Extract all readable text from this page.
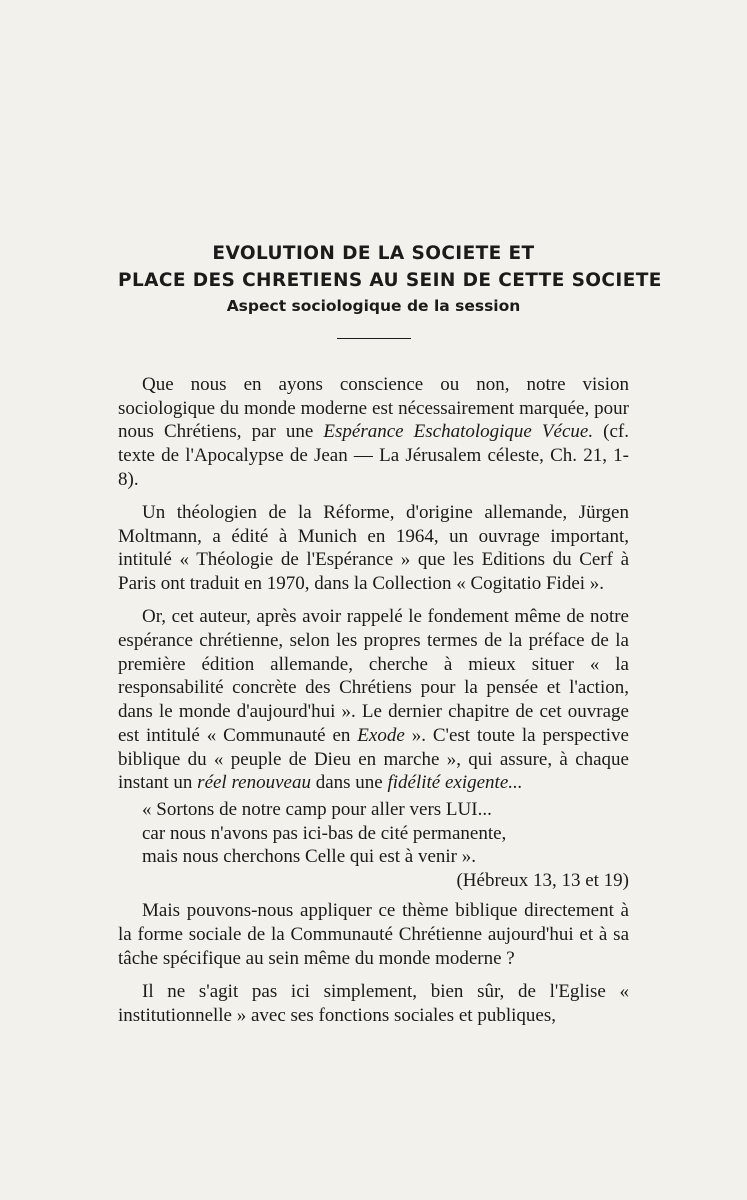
EVOLUTION DE LA SOCIETE ET
PLACE DES CHRETIENS AU SEIN DE CETTE SOCIETE
Aspect sociologique de la session

Que nous en ayons conscience ou non, notre vision sociologique du monde moderne est nécessairement marquée, pour nous Chrétiens, par une Espérance Eschatologique Vécue. (cf. texte de l'Apocalypse de Jean — La Jérusalem céleste, Ch. 21, 1-8).

Un théologien de la Réforme, d'origine allemande, Jürgen Moltmann, a édité à Munich en 1964, un ouvrage important, intitulé « Théologie de l'Espérance » que les Editions du Cerf à Paris ont traduit en 1970, dans la Collection « Cogitatio Fidei ».

Or, cet auteur, après avoir rappelé le fondement même de notre espérance chrétienne, selon les propres termes de la préface de la première édition allemande, cherche à mieux situer « la responsabilité concrète des Chrétiens pour la pensée et l'action, dans le monde d'aujourd'hui ». Le dernier chapitre de cet ouvrage est intitulé « Communauté en Exode ». C'est toute la perspective biblique du « peuple de Dieu en marche », qui assure, à chaque instant un réel renouveau dans une fidélité exigente...

« Sortons de notre camp pour aller vers LUI...
car nous n'avons pas ici-bas de cité permanente,
mais nous cherchons Celle qui est à venir ».
(Hébreux 13, 13 et 19)

Mais pouvons-nous appliquer ce thème biblique directement à la forme sociale de la Communauté Chrétienne aujourd'hui et à sa tâche spécifique au sein même du monde moderne ?

Il ne s'agit pas ici simplement, bien sûr, de l'Eglise « institutionnelle » avec ses fonctions sociales et publiques,
